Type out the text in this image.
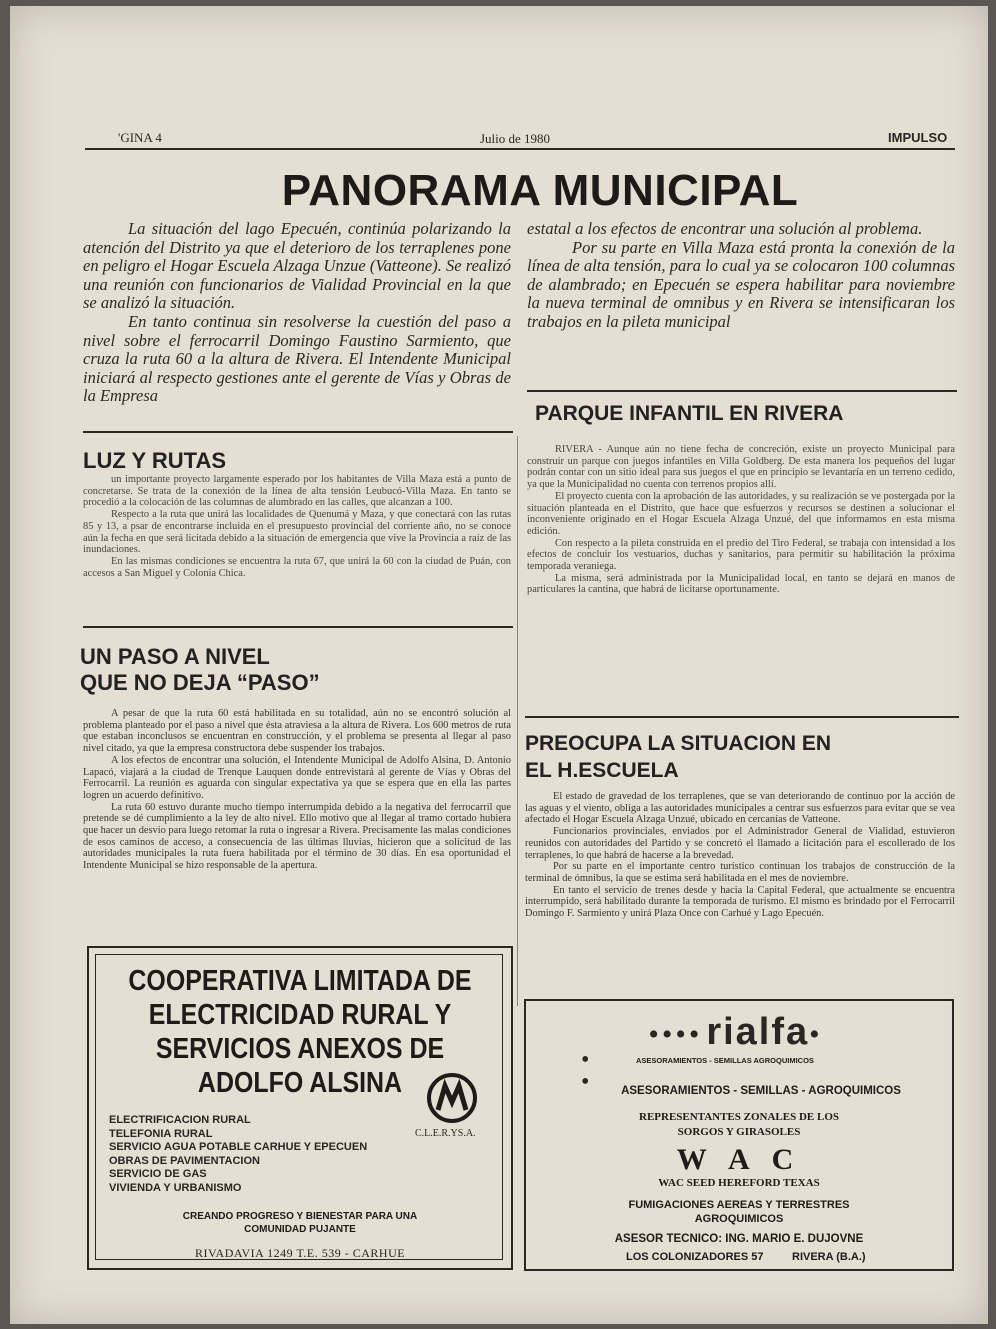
'GINA 4	Julio de 1980	IMPULSO
PANORAMA MUNICIPAL

La situación del lago Epecuén, continúa polarizando la atención del Distrito ya que el deterioro de los terraplenes pone en peligro el Hogar Escuela Alzaga Unzue (Vatteone). Se realizó una reunión con funcionarios de Vialidad Provincial en la que se analizó la situación.

En tanto continua sin resolverse la cuestión del paso a nivel sobre el ferrocarril Domingo Faustino Sarmiento, que cruza la ruta 60 a la altura de Rivera. El Intendente Municipal iniciará al respecto gestiones ante el gerente de Vías y Obras de la Empresa

estatal a los efectos de encontrar una solución al problema.

Por su parte en Villa Maza está pronta la conexión de la línea de alta tensión, para lo cual ya se colocaron 100 columnas de alambrado; en Epecuén se espera habilitar para noviembre la nueva terminal de omnibus y en Rivera se intensificaran los trabajos en la pileta municipal

LUZ Y RUTAS

un importante proyecto largamente esperado por los habitantes de Villa Maza está a punto de concretarse. Se trata de la conexión de la línea de alta tensión Leubucó-Villa Maza. En tanto se procedió a la colocación de las columnas de alumbrado en las calles, que alcanzan a 100.

Respecto a la ruta que unirá las localidades de Quenumá y Maza, y que conectará con las rutas 85 y 13, a psar de encontrarse incluida en el presupuesto provincial del corriente año, no se conoce aún la fecha en que será licitada debido a la situación de emergencia que vive la Provincia a raíz de las inundaciones.

En las mismas condiciones se encuentra la ruta 67, que unirá la 60 con la ciudad de Puán, con accesos a San Miguel y Colonia Chica.

UN PASO A NIVEL
QUE NO DEJA “PASO”

A pesar de que la ruta 60 está habilitada en su totalidad, aún no se encontró solución al problema planteado por el paso a nivel que ésta atraviesa a la altura de Rivera. Los 600 metros de ruta que estaban inconclusos se encuentran en construcción, y el problema se presenta al llegar al paso nivel citado, ya que la empresa constructora debe suspender los trabajos.

A los efectos de encontrar una solución, el Intendente Municipal de Adolfo Alsina, D. Antonio Lapacó, viajará a la ciudad de Trenque Lauquen donde entrevistará al gerente de Vías y Obras del Ferrocarril. La reunión es aguarda con singular expectativa ya que se espera que en ella las partes logren un acuerdo definitivo.

La ruta 60 estuvo durante mucho tiempo interrumpida debido a la negativa del ferrocarril que pretende se dé cumplimiento a la ley de alto nivel. Ello motivo que al llegar al tramo cortado hubiera que hacer un desvio para luego retomar la ruta o ingresar a Rivera. Precisamente las malas condiciones de esos caminos de acceso, a consecuencia de las últimas lluvias, hicieron que a solicitud de las autoridades municipales la ruta fuera habilitada por el término de 30 días. En esa oportunidad el Intendente Municipal se hizo responsable de la apertura.

PARQUE INFANTIL EN RIVERA

RIVERA - Aunque aún no tiene fecha de concreción, existe un proyecto Municipal para construir un parque con juegos infantiles en Villa Goldberg. De esta manera los pequeños del lugar podrán contar con un sitio ideal para sus juegos el que en principio se levantaría en un terreno cedido, ya que la Municipalidad no cuenta con terrenos propios allí.

El proyecto cuenta con la aprobación de las autoridades, y su realización se ve postergada por la situación planteada en el Distrito, que hace que esfuerzos y recursos se destinen a solucionar el inconveniente originado en el Hogar Escuela Alzaga Unzué, del que informamos en esta misma edición.

Con respecto a la pileta construida en el predio del Tiro Federal, se trabaja con intensidad a los efectos de concluir los vestuarios, duchas y sanitarios, para permitir su habilitación la próxima temporada veraniega.

La misma, será administrada por la Municipalidad local, en tanto se dejará en manos de particulares la cantina, que habrá de licitarse oportunamente.

PREOCUPA LA SITUACION EN
EL H.ESCUELA

El estado de gravedad de los terraplenes, que se van deteriorando de continuo por la acción de las aguas y el viento, obliga a las autoridades municipales a centrar sus esfuerzos para evitar que se vea afectado el Hogar Escuela Alzaga Unzué, ubicado en cercanías de Vatteone.

Funcionarios provinciales, enviados por el Administrador General de Vialidad, estuvieron reunidos con autoridades del Partido y se concretó el llamado a licitación para el escollerado de los terraplenes, lo que habrá de hacerse a la brevedad.

Por su parte en el importante centro turístico continuan los trabajos de construcción de la terminal de ómnibus, la que se estima será habilitada en el mes de noviembre.

En tanto el servicio de trenes desde y hacia la Capital Federal, que actualmente se encuentra interrumpido, será habilitado durante la temporada de turismo. El mismo es brindado por el Ferrocarril Domingo F. Sarmiento y unirá Plaza Once con Carhué y Lago Epecuén.

COOPERATIVA LIMITADA DE
ELECTRICIDAD RURAL Y
SERVICIOS ANEXOS DE
ADOLFO ALSINA
C.L.E.R.YS.A.
ELECTRIFICACION RURAL
TELEFONIA RURAL
SERVICIO AGUA POTABLE CARHUE Y EPECUEN
OBRAS DE PAVIMENTACION
SERVICIO DE GAS
VIVIENDA Y URBANISMO
CREANDO PROGRESO Y BIENESTAR PARA UNA
COMUNIDAD PUJANTE
RIVADAVIA 1249 T.E. 539 - CARHUE
•••• rialfa•
•
•
ASESORAMIENTOS - SEMILLAS AGROQUIMICOS
ASESORAMIENTOS - SEMILLAS - AGROQUIMICOS
REPRESENTANTES ZONALES DE LOS
SORGOS Y GIRASOLES
W A C
WAC SEED HEREFORD TEXAS
FUMIGACIONES AEREAS Y TERRESTRES
AGROQUIMICOS
ASESOR TECNICO: ING. MARIO E. DUJOVNE
LOS COLONIZADORES 57	RIVERA (B.A.)
